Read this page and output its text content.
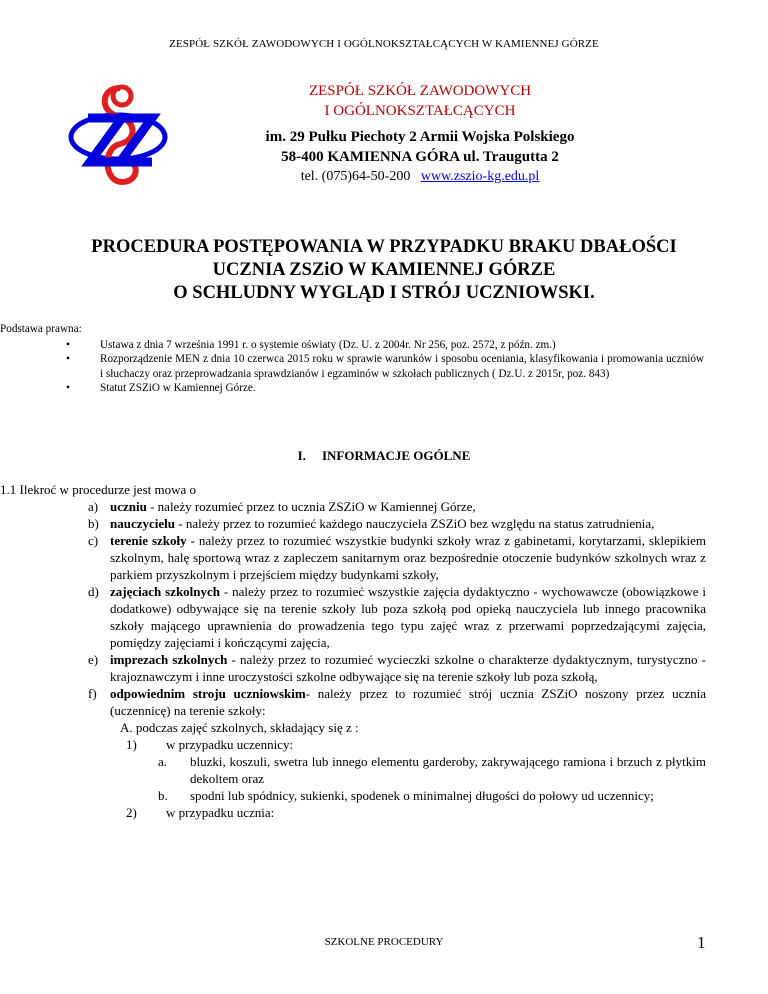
ZESPÓŁ SZKÓŁ ZAWODOWYCH I OGÓLNOKSZTAŁCĄCYCH W KAMIENNEJ GÓRZE
ZESPÓŁ SZKÓŁ ZAWODOWYCH
I OGÓLNOKSZTAŁCĄCYCH
im. 29 Pułku Piechoty 2 Armii Wojska Polskiego
58-400 KAMIENNA GÓRA ul. Traugutta 2
tel. (075)64-50-200 www.zszio-kg.edu.pl
PROCEDURA POSTĘPOWANIA W PRZYPADKU BRAKU DBAŁOŚCI
UCZNIA ZSZiO W KAMIENNEJ GÓRZE
O SCHLUDNY WYGLĄD I STRÓJ UCZNIOWSKI.
Podstawa prawna:
• Ustawa z dnia 7 września 1991 r. o systemie oświaty (Dz. U. z 2004r. Nr 256, poz. 2572, z późn. zm.)
• Rozporządzenie MEN z dnia 10 czerwca 2015 roku w sprawie warunków i sposobu oceniania, klasyfikowania i promowania uczniów i słuchaczy oraz przeprowadzania sprawdzianów i egzaminów w szkołach publicznych ( Dz.U. z 2015r, poz. 843)
• Statut ZSZiO w Kamiennej Górze.
I. INFORMACJE OGÓLNE

1.1 Ilekroć w procedurze jest mowa o

a) uczniu - należy rozumieć przez to ucznia ZSZiO w Kamiennej Górze,
b) nauczycielu - należy przez to rozumieć każdego nauczyciela ZSZiO bez względu na status zatrudnienia,
c) terenie szkoły - należy przez to rozumieć wszystkie budynki szkoły wraz z gabinetami, korytarzami, sklepikiem szkolnym, halę sportową wraz z zapleczem sanitarnym oraz bezpośrednie otoczenie budynków szkolnych wraz z parkiem przyszkolnym i przejściem między budynkami szkoły,
d) zajęciach szkolnych - należy przez to rozumieć wszystkie zajęcia dydaktyczno - wychowawcze (obowiązkowe i dodatkowe) odbywające się na terenie szkoły lub poza szkołą pod opieką nauczyciela lub innego pracownika szkoły mającego uprawnienia do prowadzenia tego typu zajęć wraz z przerwami poprzedzającymi zajęcia, pomiędzy zajęciami i kończącymi zajęcia,
e) imprezach szkolnych - należy przez to rozumieć wycieczki szkolne o charakterze dydaktycznym, turystyczno - krajoznawczym i inne uroczystości szkolne odbywające się na terenie szkoły lub poza szkołą,
f) odpowiednim stroju uczniowskim- należy przez to rozumieć strój ucznia ZSZiO noszony przez ucznia (uczennicę) na terenie szkoły:
A. podczas zajęć szkolnych, składający się z :
1) w przypadku uczennicy:
a. bluzki, koszuli, swetra lub innego elementu garderoby, zakrywającego ramiona i brzuch z płytkim dekoltem oraz
b. spodni lub spódnicy, sukienki, spodenek o minimalnej długości do połowy ud uczennicy;
2) w przypadku ucznia:
SZKOLNE PROCEDURY	1
